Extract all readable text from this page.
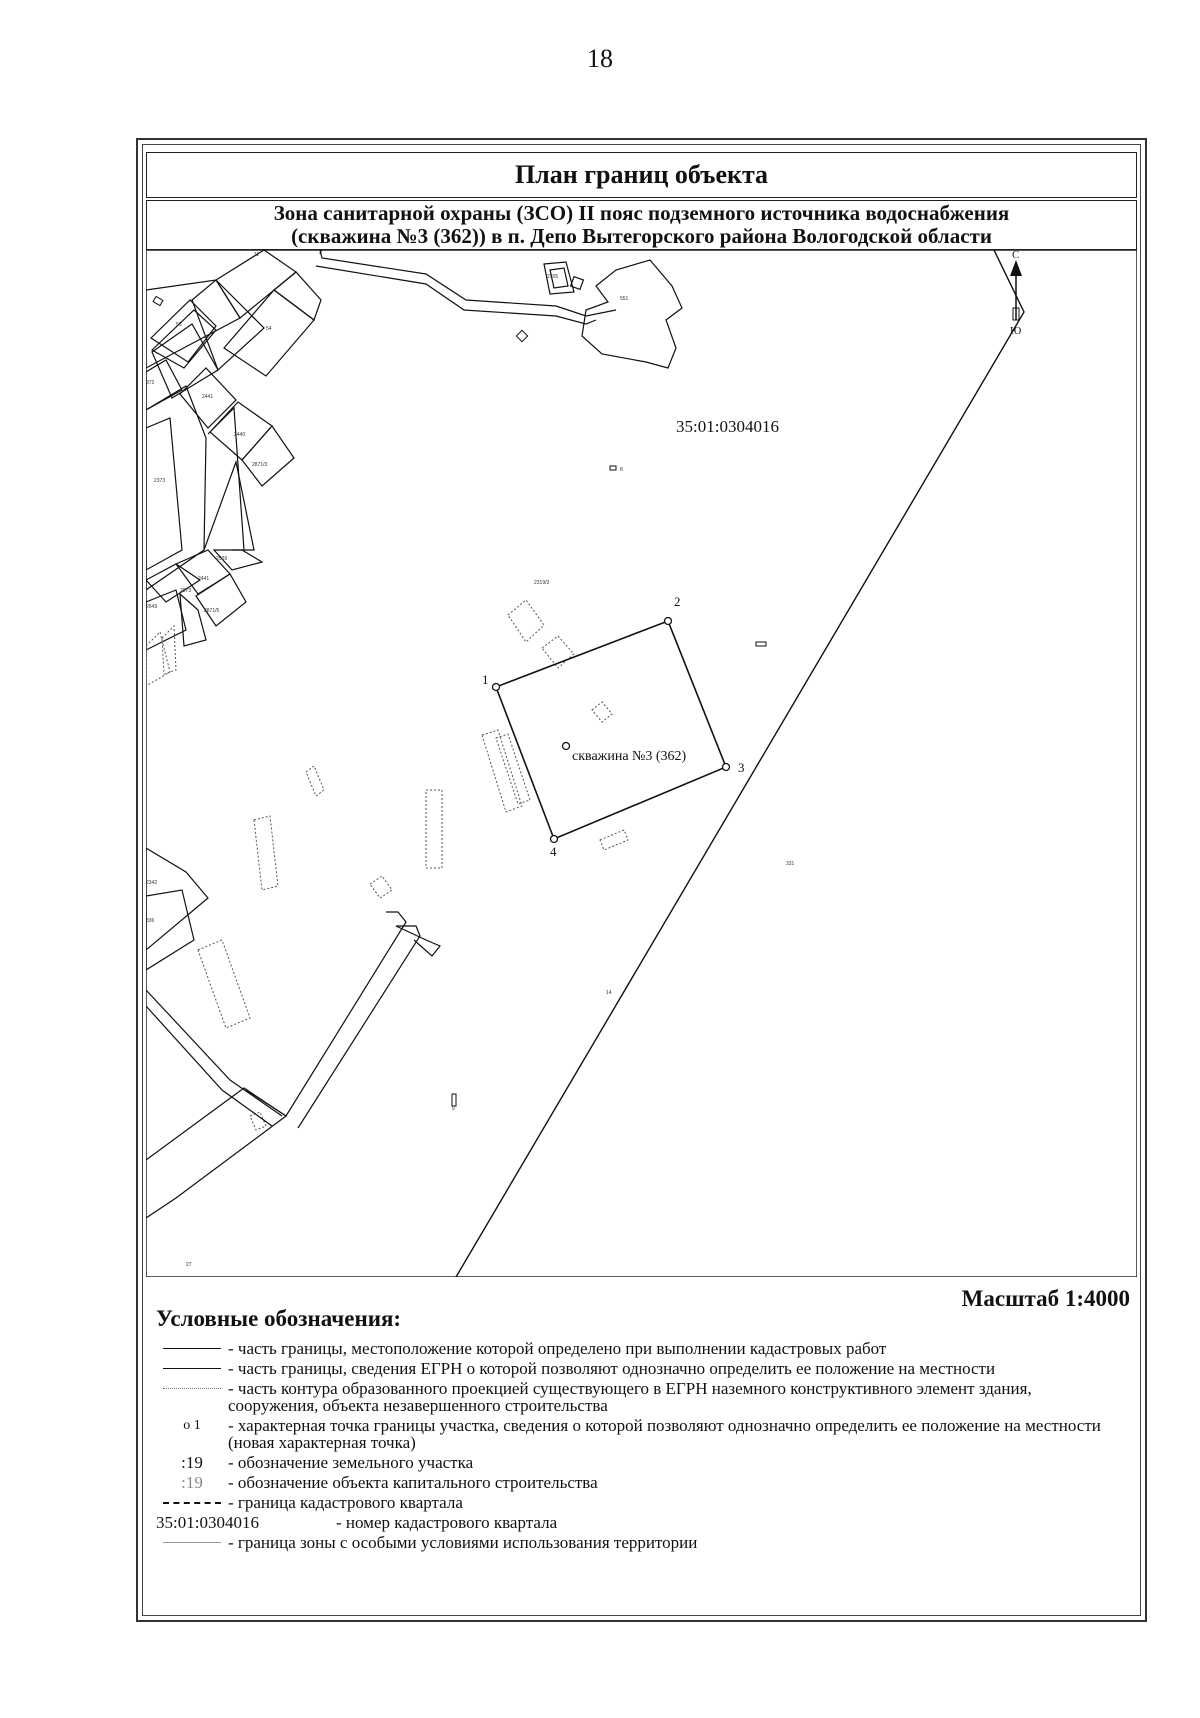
18
План границ объекта
Зона санитарной охраны (ЗСО) II пояс подземного источника водоснабжения
(скважина №3 (362)) в п. Депо Вытегорского района Вологодской области
1
2
3
4
скважина №3 (362)
35:01:0304016
11
56
54
2441
372
2440
2871/3
2373
2009
2441
2873
2871/5
2649
2342
336
2319/3
551
2705
8
331
14
9
27
С
Ю
Масштаб 1:4000
Условные обозначения:
- часть границы, местоположение которой определено при выполнении кадастровых работ
- часть границы, сведения ЕГРН о которой позволяют однозначно определить ее положение на местности
- часть контура образованного проекцией существующего в ЕГРН наземного конструктивного элемент здания, сооружения, объекта незавершенного строительства
о 1 - характерная точка границы участка, сведения о которой позволяют однозначно определить ее положение на местности (новая характерная точка)
:19 - обозначение земельного участка
:19 - обозначение объекта капитального строительства
- граница кадастрового квартала
35:01:0304016	- номер кадастрового квартала
- граница зоны с особыми условиями использования территории
